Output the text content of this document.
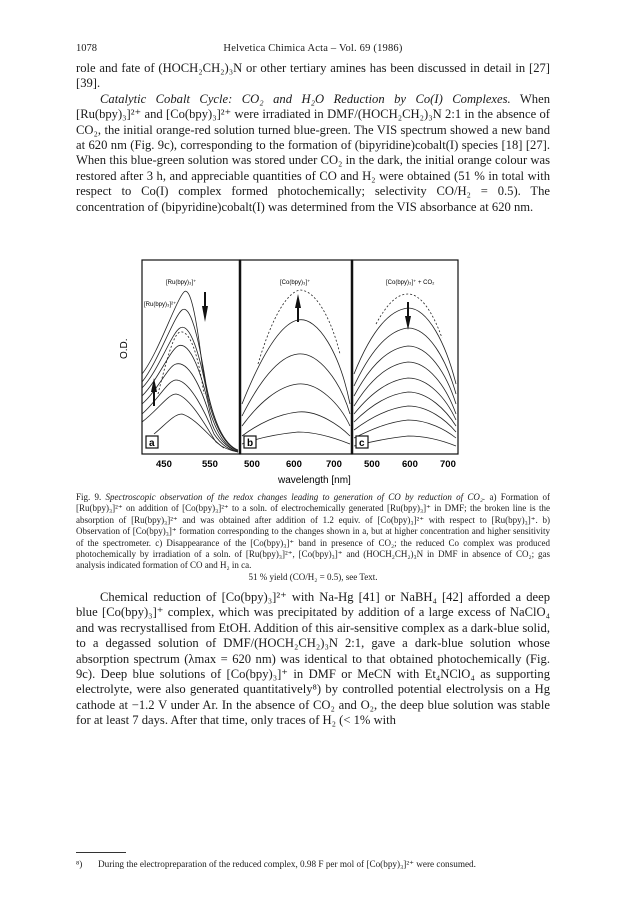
1078	Helvetica Chimica Acta – Vol. 69 (1986)

role and fate of (HOCH₂CH₂)₃N or other tertiary amines has been discussed in detail in [27] [39].

Catalytic Cobalt Cycle: CO₂ and H₂O Reduction by Co(I) Complexes. When [Ru(bpy)₃]²⁺ and [Co(bpy)₃]²⁺ were irradiated in DMF/(HOCH₂CH₂)₃N 2:1 in the absence of CO₂, the initial orange-red solution turned blue-green. The VIS spectrum showed a new band at 620 nm (Fig. 9c), corresponding to the formation of (bipyridine)cobalt(I) species [18] [27]. When this blue-green solution was stored under CO₂ in the dark, the initial orange colour was restored after 3 h, and appreciable quantities of CO and H₂ were obtained (51 % in total with respect to Co(I) complex formed photochemically; selectivity CO/H₂ = 0.5). The concentration of (bipyridine)cobalt(I) was determined from the VIS absorbance at 620 nm.

O.D.
[Ru(bpy)₃]⁺
[Ru(bpy)₃]²⁺
[Co(bpy)₃]⁺	[Co(bpy)₃]⁺ + CO₂
a	b	c
450	550	500	600	700 500 600 700
wavelength [nm]
Fig. 9. Spectroscopic observation of the redox changes leading to generation of CO by reduction of CO₂. a) Formation of [Ru(bpy)₃]²⁺ on addition of [Co(bpy)₃]²⁺ to a soln. of electrochemically generated [Ru(bpy)₃]⁺ in DMF; the broken line is the absorption of [Ru(bpy)₃]²⁺ and was obtained after addition of 1.2 equiv. of [Co(bpy)₃]²⁺ with respect to [Ru(bpy)₃]⁺. b) Observation of [Co(bpy)₃]⁺ formation corresponding to the changes shown in a, but at higher concentration and higher sensitivity of the spectrometer. c) Disappearance of the [Co(bpy)₃]⁺ band in presence of CO₂; the reduced Co complex was produced photochemically by irradiation of a soln. of [Ru(bpy)₃]²⁺, [Co(bpy)₃]⁺ and (HOCH₂CH₂)₃N in DMF in absence of CO₂; gas analysis indicated formation of CO and H₂ in ca.
51 % yield (CO/H₂ = 0.5), see Text.

Chemical reduction of [Co(bpy)₃]²⁺ with Na-Hg [41] or NaBH₄ [42] afforded a deep blue [Co(bpy)₃]⁺ complex, which was precipitated by addition of a large excess of NaClO₄ and was recrystallised from EtOH. Addition of this air-sensitive complex as a dark-blue solid, to a degassed solution of DMF/(HOCH₂CH₂)₃N 2:1, gave a dark-blue solution whose absorption spectrum (λmax = 620 nm) was identical to that obtained photochemically (Fig. 9c). Deep blue solutions of [Co(bpy)₃]⁺ in DMF or MeCN with Et₄NClO₄ as supporting electrolyte, were also generated quantitatively⁸) by controlled potential electrolysis on a Hg cathode at −1.2 V under Ar. In the absence of CO₂ and O₂, the deep blue solution was stable for at least 7 days. After that time, only traces of H₂ (< 1% with

⁸) During the electropreparation of the reduced complex, 0.98 F per mol of [Co(bpy)₃]²⁺ were consumed.
